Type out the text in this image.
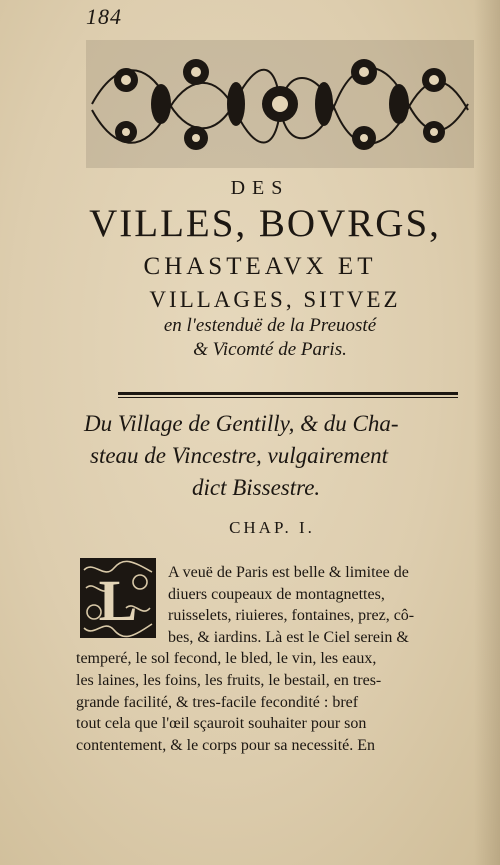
184
DES
VILLES, BOVRGS,
CHASTEAVX ET
VILLAGES, SITVEZ
en l'estenduë de la Preuosté
& Vicomté de Paris.
Du Village de Gentilly, & du Cha-
steau de Vincestre, vulgairement
dict Bissestre.
CHAP. I.
L	A veuë de Paris est belle & limitee de
diuers coupeaux de montagnettes,
ruisselets, riuieres, fontaines, prez, cô-
bes, & iardins. Là est le Ciel serein &
temperé, le sol fecond, le bled, le vin, les eaux,
les laines, les foins, les fruits, le bestail, en tres-
grande facilité, & tres-facile fecondité : bref
tout cela que l'œil sçauroit souhaiter pour son
contentement, & le corps pour sa necessité. En
